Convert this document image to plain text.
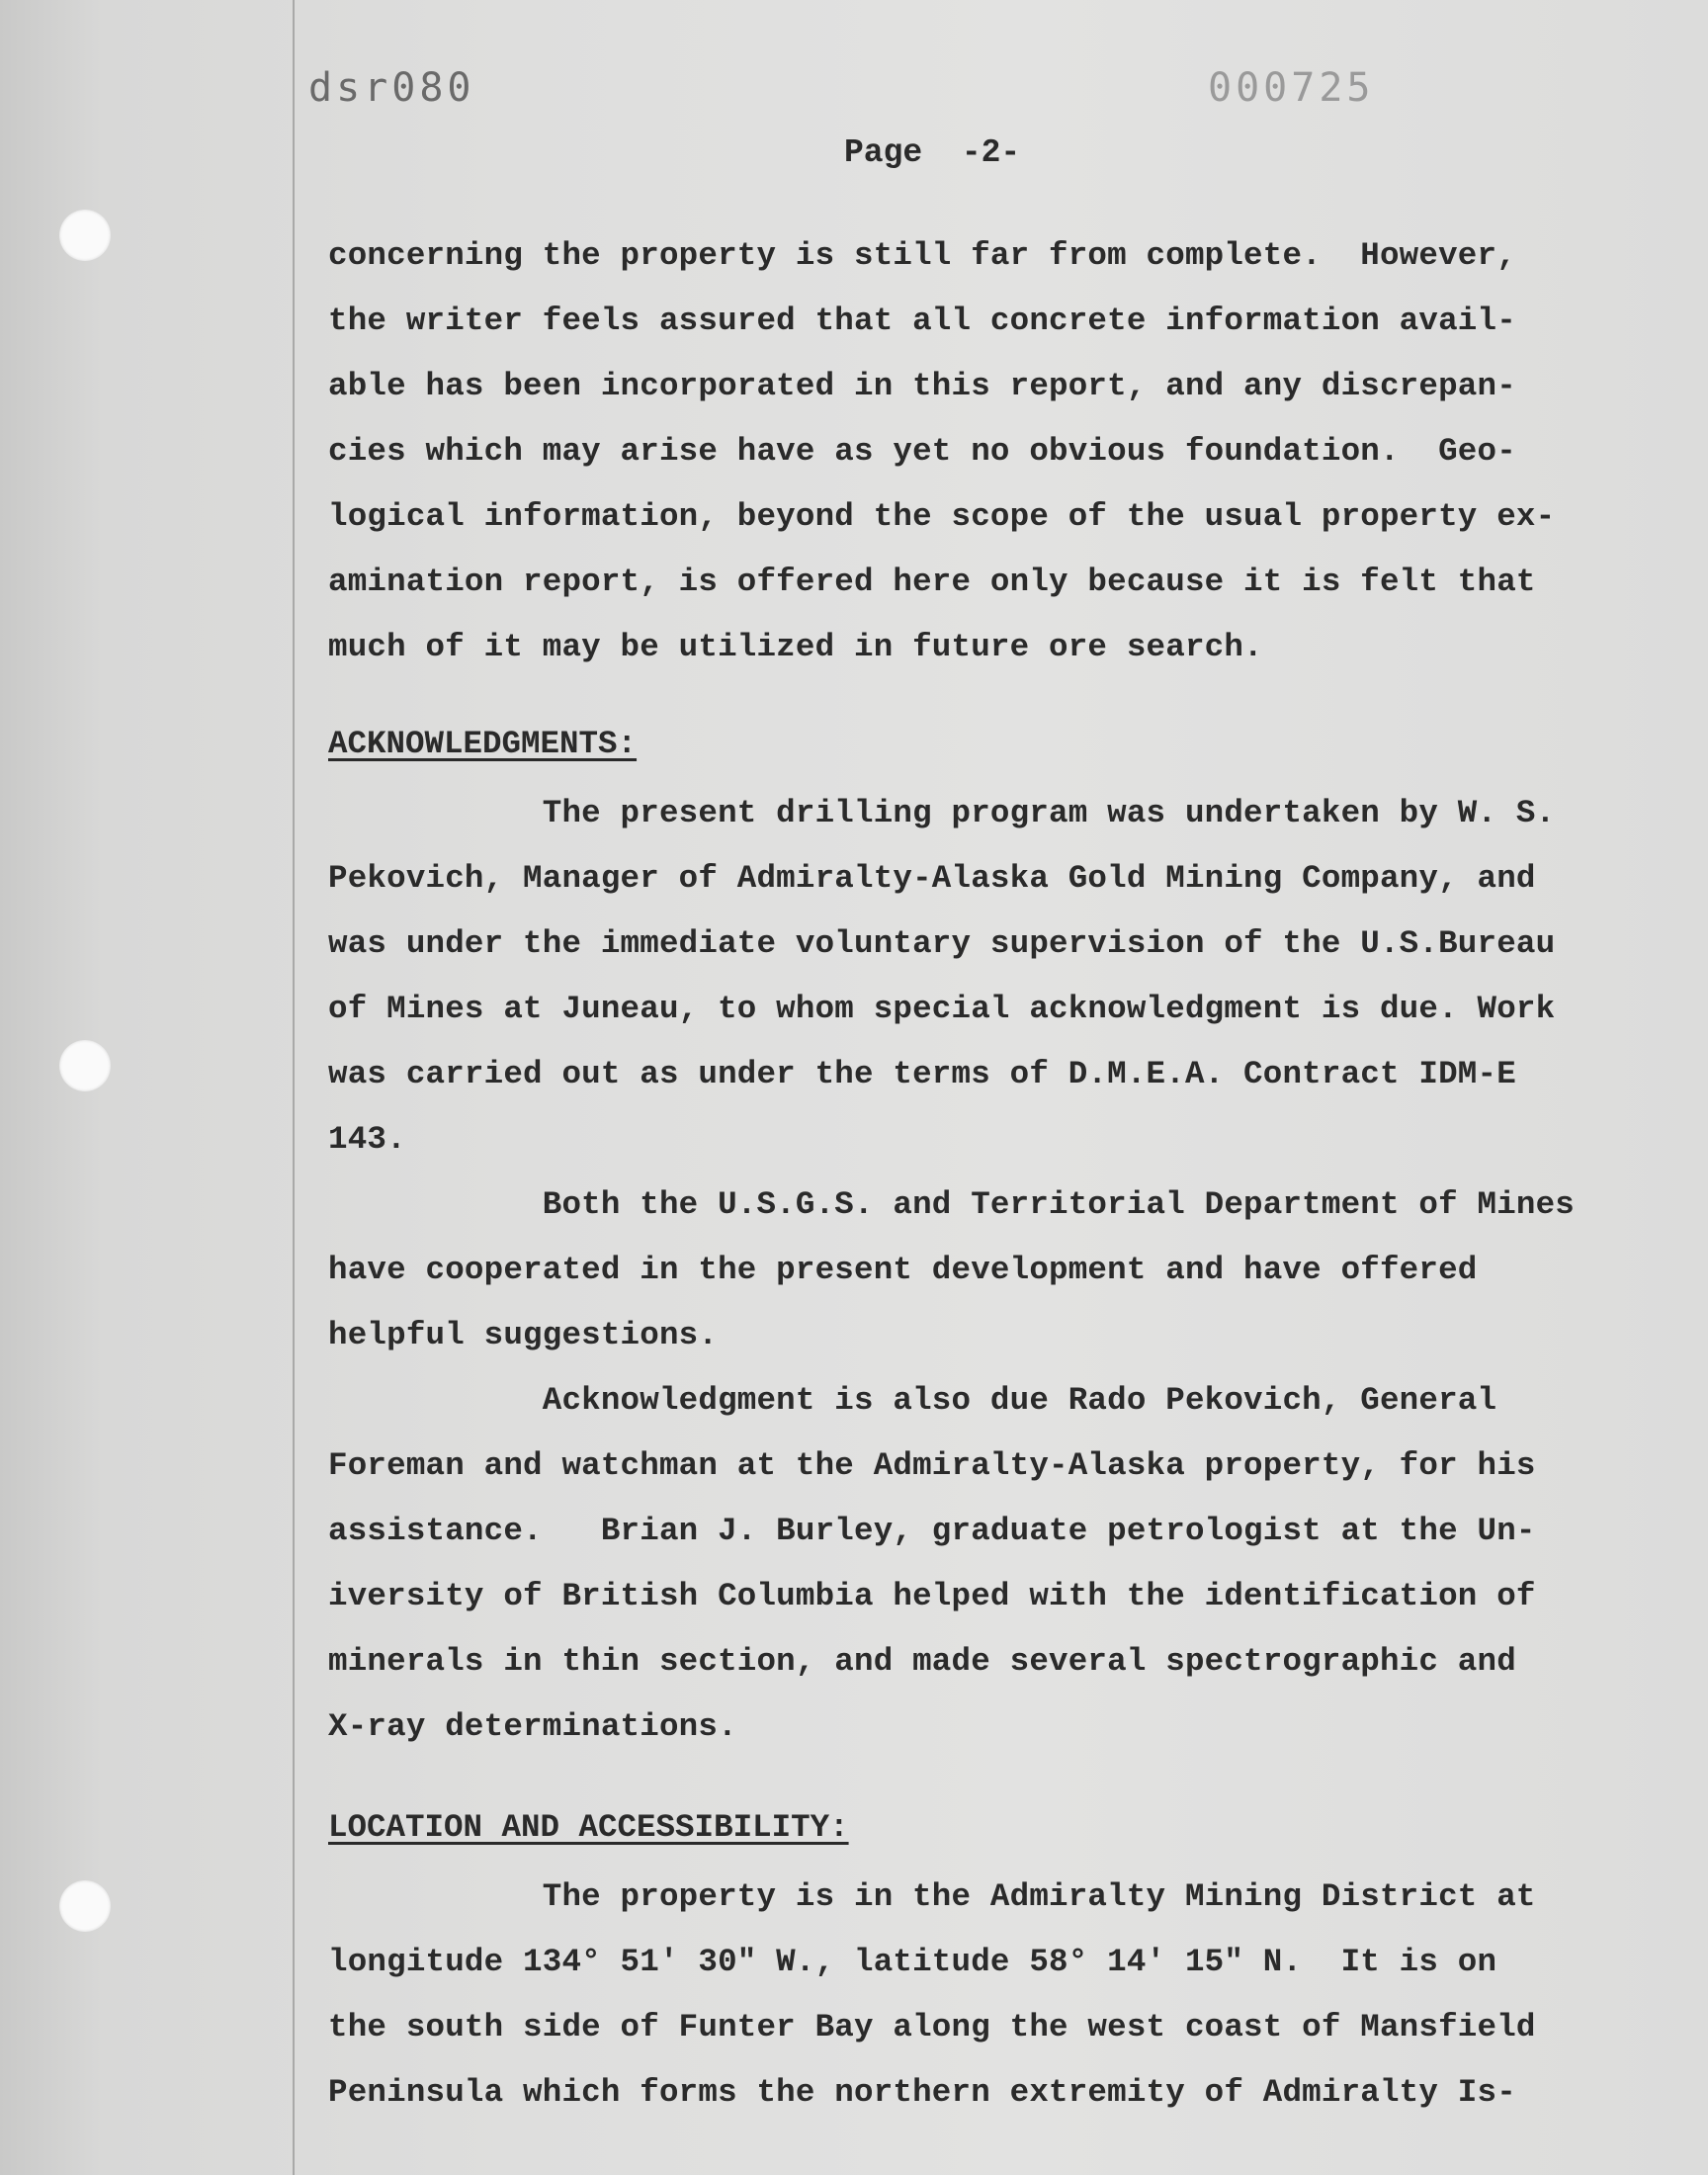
dsr080	000725
Page  -2-
concerning the property is still far from complete.  However,
the writer feels assured that all concrete information avail-
able has been incorporated in this report, and any discrepan-
cies which may arise have as yet no obvious foundation.  Geo-
logical information, beyond the scope of the usual property ex-
amination report, is offered here only because it is felt that
much of it may be utilized in future ore search.
ACKNOWLEDGMENTS:
The present drilling program was undertaken by W. S.
Pekovich, Manager of Admiralty-Alaska Gold Mining Company, and
was under the immediate voluntary supervision of the U.S.Bureau
of Mines at Juneau, to whom special acknowledgment is due. Work
was carried out as under the terms of D.M.E.A. Contract IDM-E
143.
Both the U.S.G.S. and Territorial Department of Mines
have cooperated in the present development and have offered
helpful suggestions.
Acknowledgment is also due Rado Pekovich, General
Foreman and watchman at the Admiralty-Alaska property, for his
assistance.   Brian J. Burley, graduate petrologist at the Un-
iversity of British Columbia helped with the identification of
minerals in thin section, and made several spectrographic and
X-ray determinations.
LOCATION AND ACCESSIBILITY:
The property is in the Admiralty Mining District at
longitude 134° 51' 30" W., latitude 58° 14' 15" N.  It is on
the south side of Funter Bay along the west coast of Mansfield
Peninsula which forms the northern extremity of Admiralty Is-
